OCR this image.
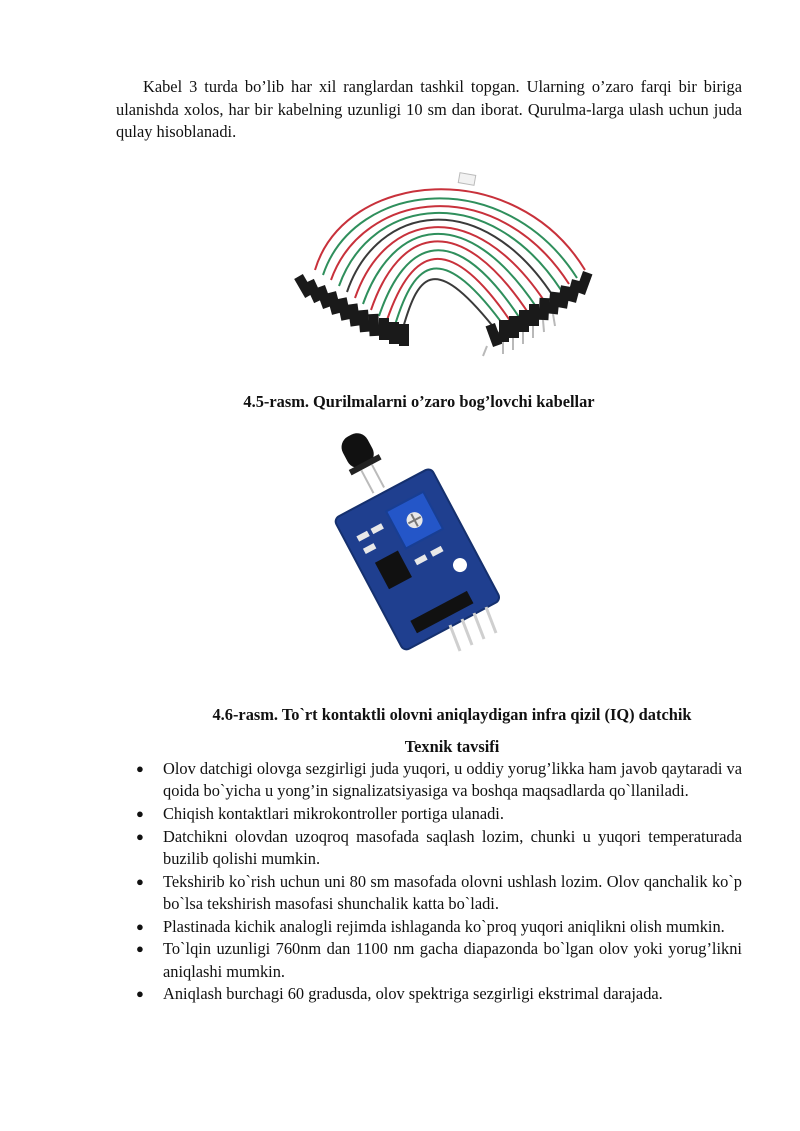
Kabel 3 turda bo’lib har xil ranglardan tashkil topgan. Ularning o’zaro farqi bir biriga ulanishda xolos, har bir kabelning uzunligi 10 sm dan iborat. Qurulma-larga ulash uchun juda qulay hisoblanadi.

4.5-rasm. Qurilmalarni o’zaro bog’lovchi kabellar

4.6-rasm. To`rt kontaktli olovni aniqlaydigan infra qizil (IQ) datchik

Texnik tavsifi

● Olov datchigi olovga sezgirligi juda yuqori, u oddiy yorug’likka ham javob qaytaradi va qoida bo`yicha u yong’in signalizatsiyasiga va boshqa maqsadlarda qo`llaniladi.
● Chiqish kontaktlari mikrokontroller portiga ulanadi.
● Datchikni olovdan uzoqroq masofada saqlash lozim, chunki u yuqori temperaturada buzilib qolishi mumkin.
● Tekshirib ko`rish uchun uni 80 sm masofada olovni ushlash lozim. Olov qanchalik ko`p bo`lsa tekshirish masofasi shunchalik katta bo`ladi.
● Plastinada kichik analogli rejimda ishlaganda ko`proq yuqori aniqlikni olish mumkin.
● To`lqin uzunligi 760nm dan 1100 nm gacha diapazonda bo`lgan olov yoki yorug’likni aniqlashi mumkin.
● Aniqlash burchagi 60 gradusda, olov spektriga sezgirligi ekstrimal darajada.
